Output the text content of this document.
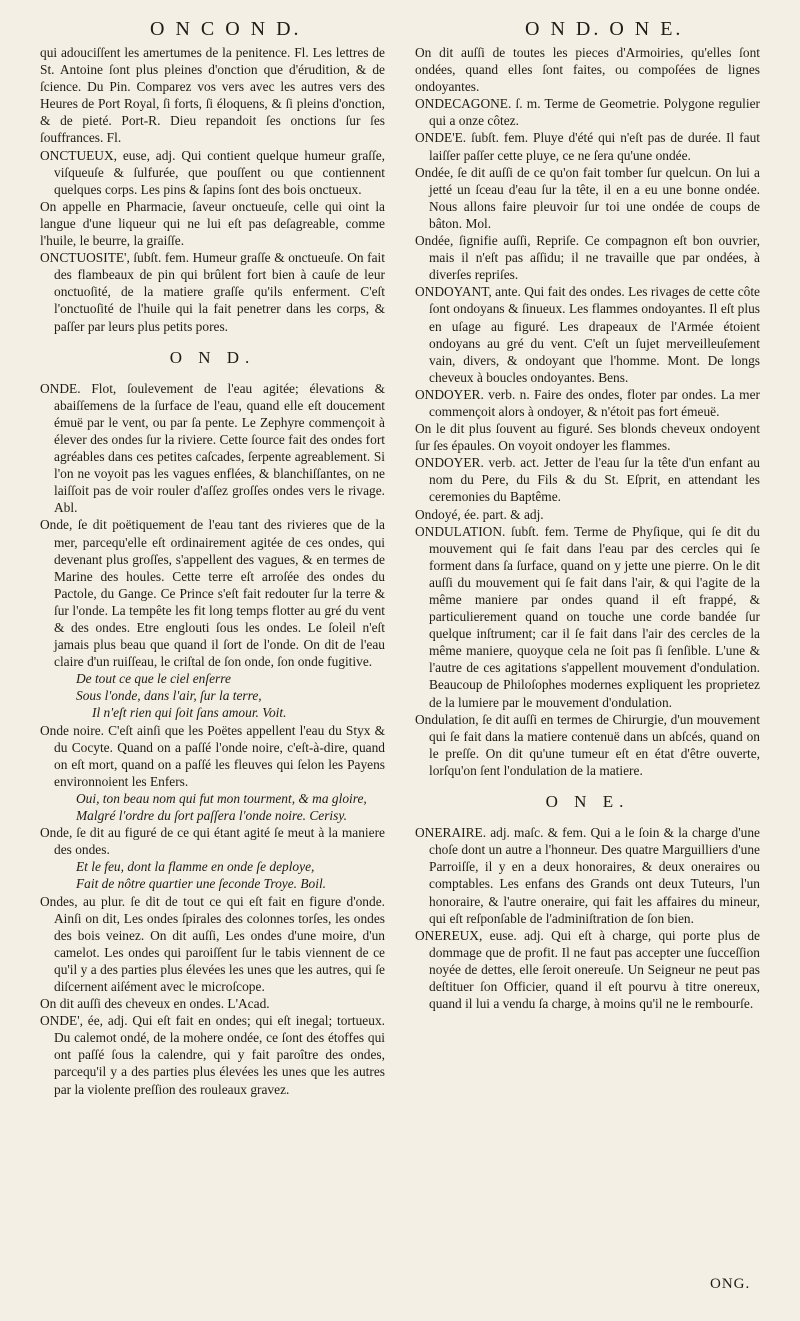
O N C O N D.	O N D. O N E.

qui adouciſſent les amertumes de la penitence. Fl. Les lettres de St. Antoine ſont plus pleines d'onction que d'érudition, & de ſcience. Du Pin. Comparez vos vers avec les autres vers des Heures de Port Royal, ſi forts, ſi éloquens, & ſi pleins d'onction, & de pieté. Port-R. Dieu repandoit ſes onctions ſur ſes ſouffrances. Fl.

ONCTUEUX, euse, adj. Qui contient quelque humeur graſſe, viſqueuſe & ſulfurée, que pouſſent ou que contiennent quelques corps. Les pins & ſapins ſont des bois onctueux.

On appelle en Pharmacie, ſaveur onctueuſe, celle qui oint la langue d'une liqueur qui ne lui eſt pas deſagreable, comme l'huile, le beurre, la graiſſe.

ONCTUOSITE', ſubſt. fem. Humeur graſſe & onctueuſe. On fait des flambeaux de pin qui brûlent fort bien à cauſe de leur onctuoſité, de la matiere graſſe qu'ils enferment. C'eſt l'onctuoſité de l'huile qui la fait penetrer dans les corps, & paſſer par leurs plus petits pores.

O N D.

ONDE. Flot, ſoulevement de l'eau agitée; élevations & abaiſſemens de la ſurface de l'eau, quand elle eſt doucement émuë par le vent, ou par ſa pente. Le Zephyre commençoit à élever des ondes ſur la riviere. Cette ſource fait des ondes fort agréables dans ces petites caſcades, ſerpente agreablement. Si l'on ne voyoit pas les vagues enflées, & blanchiſſantes, on ne laiſſoit pas de voir rouler d'aſſez groſſes ondes vers le rivage. Abl.

Onde, ſe dit poëtiquement de l'eau tant des rivieres que de la mer, parcequ'elle eſt ordinairement agitée de ces ondes, qui devenant plus groſſes, s'appellent des vagues, & en termes de Marine des houles. Cette terre eſt arroſée des ondes du Pactole, du Gange. Ce Prince s'eſt fait redouter ſur la terre & ſur l'onde. La tempête les fit long temps flotter au gré du vent & des ondes. Etre englouti ſous les ondes. Le ſoleil n'eſt jamais plus beau que quand il ſort de l'onde. On dit de l'eau claire d'un ruiſſeau, le criſtal de ſon onde, ſon onde fugitive.

De tout ce que le ciel enſerre

Sous l'onde, dans l'air, ſur la terre,

Il n'eſt rien qui ſoit ſans amour. Voit.

Onde noire. C'eſt ainſi que les Poëtes appellent l'eau du Styx & du Cocyte. Quand on a paſſé l'onde noire, c'eſt-à-dire, quand on eſt mort, quand on a paſſé les fleuves qui ſelon les Payens environnoient les Enfers.

Oui, ton beau nom qui fut mon tourment, & ma gloire,

Malgré l'ordre du ſort paſſera l'onde noire. Cerisy.

Onde, ſe dit au figuré de ce qui étant agité ſe meut à la maniere des ondes.

Et le feu, dont la flamme en onde ſe deploye,

Fait de nôtre quartier une ſeconde Troye. Boil.

Ondes, au plur. ſe dit de tout ce qui eſt fait en figure d'onde. Ainſi on dit, Les ondes ſpirales des colonnes torſes, les ondes des bois veinez. On dit auſſi, Les ondes d'une moire, d'un camelot. Les ondes qui paroiſſent ſur le tabis viennent de ce qu'il y a des parties plus élevées les unes que les autres, qui ſe diſcernent aiſément avec le microſcope.

On dit auſſi des cheveux en ondes. L'Acad.

ONDE', ée, adj. Qui eſt fait en ondes; qui eſt inegal; tortueux. Du calemot ondé, de la mohere ondée, ce ſont des étoffes qui ont paſſé ſous la calendre, qui y fait paroître des ondes, parcequ'il y a des parties plus élevées les unes que les autres par la violente preſſion des rouleaux gravez.

On dit auſſi de toutes les pieces d'Armoiries, qu'elles ſont ondées, quand elles ſont faites, ou compoſées de lignes ondoyantes.

ONDECAGONE. ſ. m. Terme de Geometrie. Polygone regulier qui a onze côtez.

ONDE'E. ſubſt. fem. Pluye d'été qui n'eſt pas de durée. Il faut laiſſer paſſer cette pluye, ce ne ſera qu'une ondée.

Ondée, ſe dit auſſi de ce qu'on fait tomber ſur quelcun. On lui a jetté un ſceau d'eau ſur la tête, il en a eu une bonne ondée. Nous allons faire pleuvoir ſur toi une ondée de coups de bâton. Mol.

Ondée, ſignifie auſſi, Repriſe. Ce compagnon eſt bon ouvrier, mais il n'eſt pas aſſidu; il ne travaille que par ondées, à diverſes repriſes.

ONDOYANT, ante. Qui fait des ondes. Les rivages de cette côte ſont ondoyans & ſinueux. Les flammes ondoyantes. Il eſt plus en uſage au figuré. Les drapeaux de l'Armée étoient ondoyans au gré du vent. C'eſt un ſujet merveilleuſement vain, divers, & ondoyant que l'homme. Mont. De longs cheveux à boucles ondoyantes. Bens.

ONDOYER. verb. n. Faire des ondes, floter par ondes. La mer commençoit alors à ondoyer, & n'étoit pas fort émeuë.

On le dit plus ſouvent au figuré. Ses blonds cheveux ondoyent ſur ſes épaules. On voyoit ondoyer les flammes.

ONDOYER. verb. act. Jetter de l'eau ſur la tête d'un enfant au nom du Pere, du Fils & du St. Eſprit, en attendant les ceremonies du Baptême.

Ondoyé, ée. part. & adj.

ONDULATION. ſubſt. fem. Terme de Phyſique, qui ſe dit du mouvement qui ſe fait dans l'eau par des cercles qui ſe forment dans ſa ſurface, quand on y jette une pierre. On le dit auſſi du mouvement qui ſe fait dans l'air, & qui l'agite de la même maniere par ondes quand il eſt frappé, & particulierement quand on touche une corde bandée ſur quelque inſtrument; car il ſe fait dans l'air des cercles de la même maniere, quoyque cela ne ſoit pas ſi ſenſible. L'une & l'autre de ces agitations s'appellent mouvement d'ondulation. Beaucoup de Philoſophes modernes expliquent les proprietez de la lumiere par le mouvement d'ondulation.

Ondulation, ſe dit auſſi en termes de Chirurgie, d'un mouvement qui ſe fait dans la matiere contenuë dans un abſcés, quand on le preſſe. On dit qu'une tumeur eſt en état d'être ouverte, lorſqu'on ſent l'ondulation de la matiere.

O N E.

ONERAIRE. adj. maſc. & fem. Qui a le ſoin & la charge d'une choſe dont un autre a l'honneur. Des quatre Marguilliers d'une Parroiſſe, il y en a deux honoraires, & deux oneraires ou comptables. Les enfans des Grands ont deux Tuteurs, l'un honoraire, & l'autre oneraire, qui fait les affaires du mineur, qui eſt reſponſable de l'adminiſtration de ſon bien.

ONEREUX, euse. adj. Qui eſt à charge, qui porte plus de dommage que de profit. Il ne faut pas accepter une ſucceſſion noyée de dettes, elle ſeroit onereuſe. Un Seigneur ne peut pas deſtituer ſon Officier, quand il eſt pourvu à titre onereux, quand il lui a vendu ſa charge, à moins qu'il ne le rembourſe.

ONG.
